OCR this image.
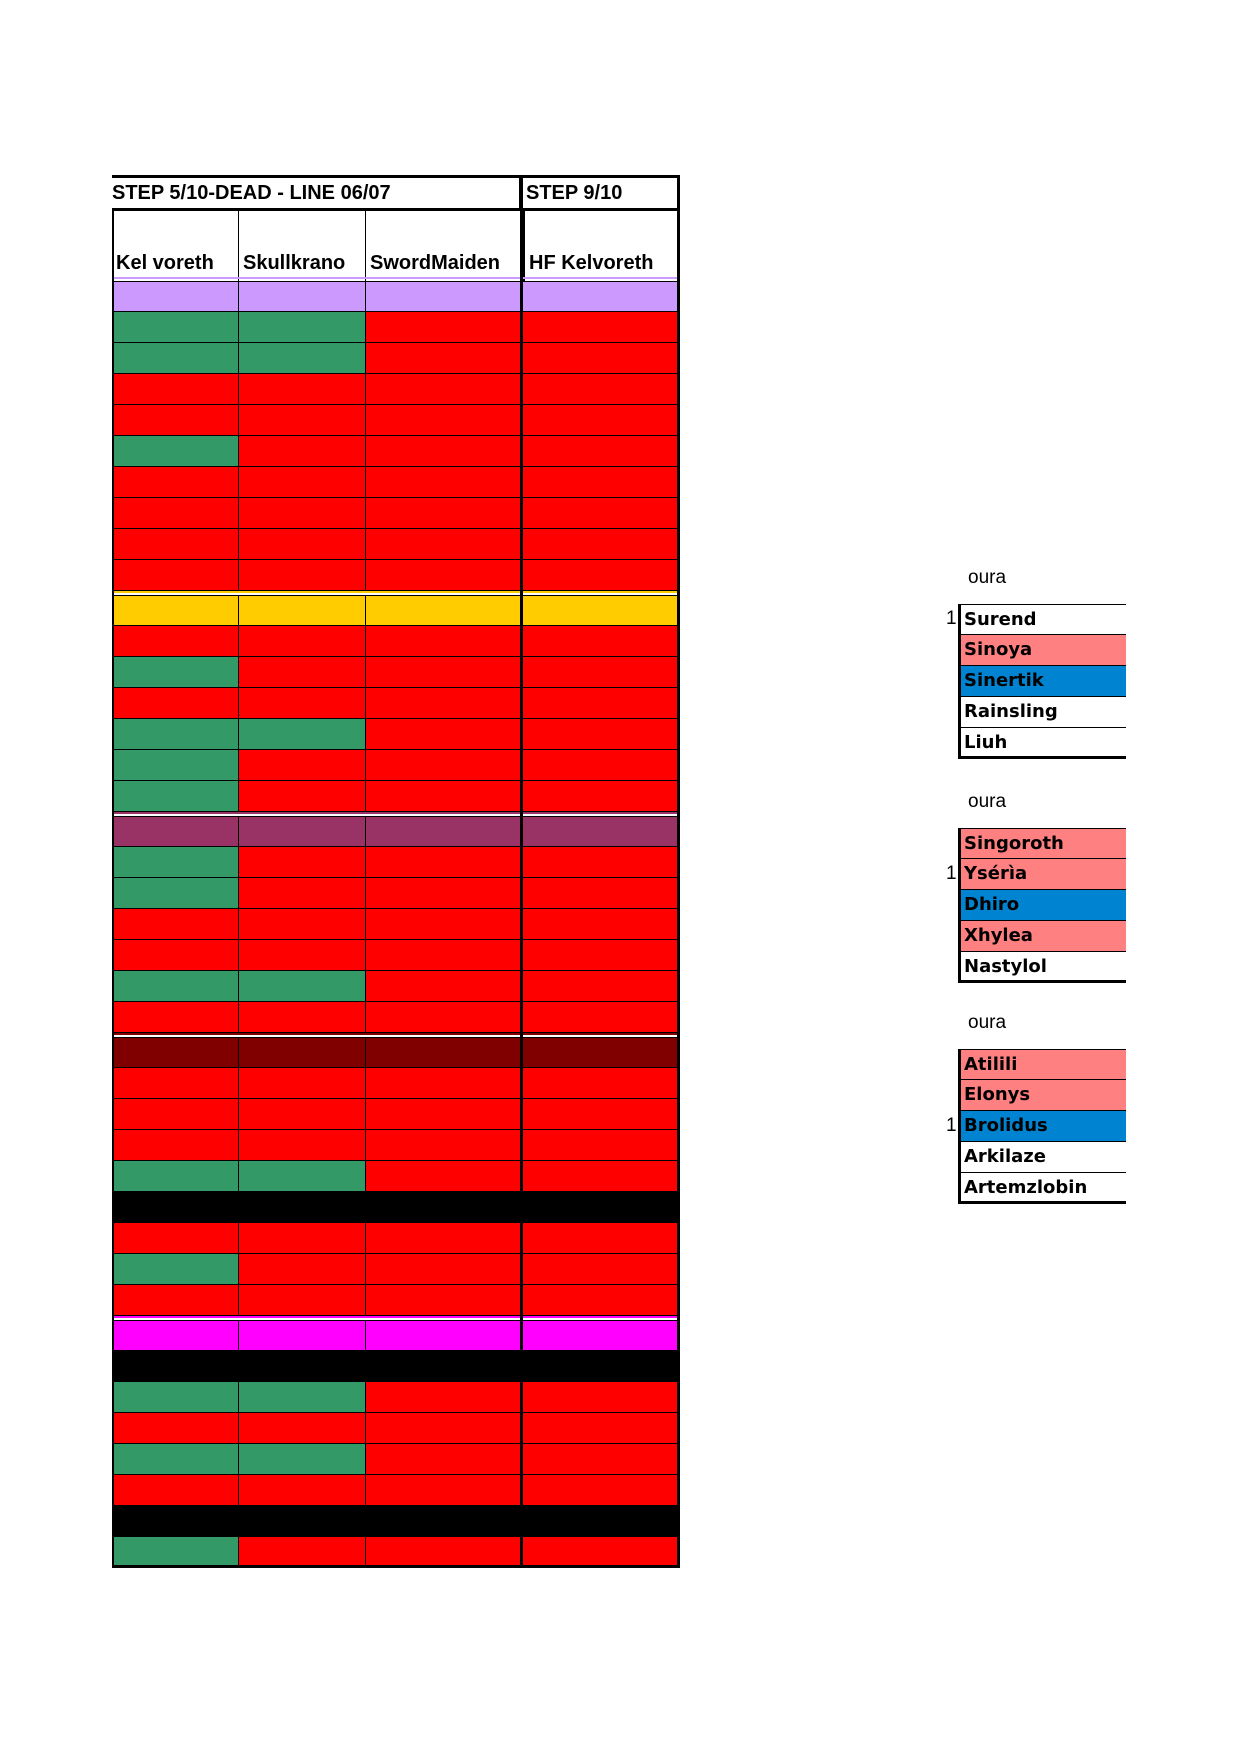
STEP 5/10-DEAD - LINE 06/07	STEP 9/10
Kel voreth	Skullkrano	SwordMaiden	HF Kelvoreth
oura
1 Surend
Sinoya
Sinertik
Rainsling
Liuh
oura
1
Singoroth
Ysérìa
Dhiro
Xhylea
Nastylol
oura
1
Atilili
Elonys
Brolidus
Arkilaze
Artemzlobin
